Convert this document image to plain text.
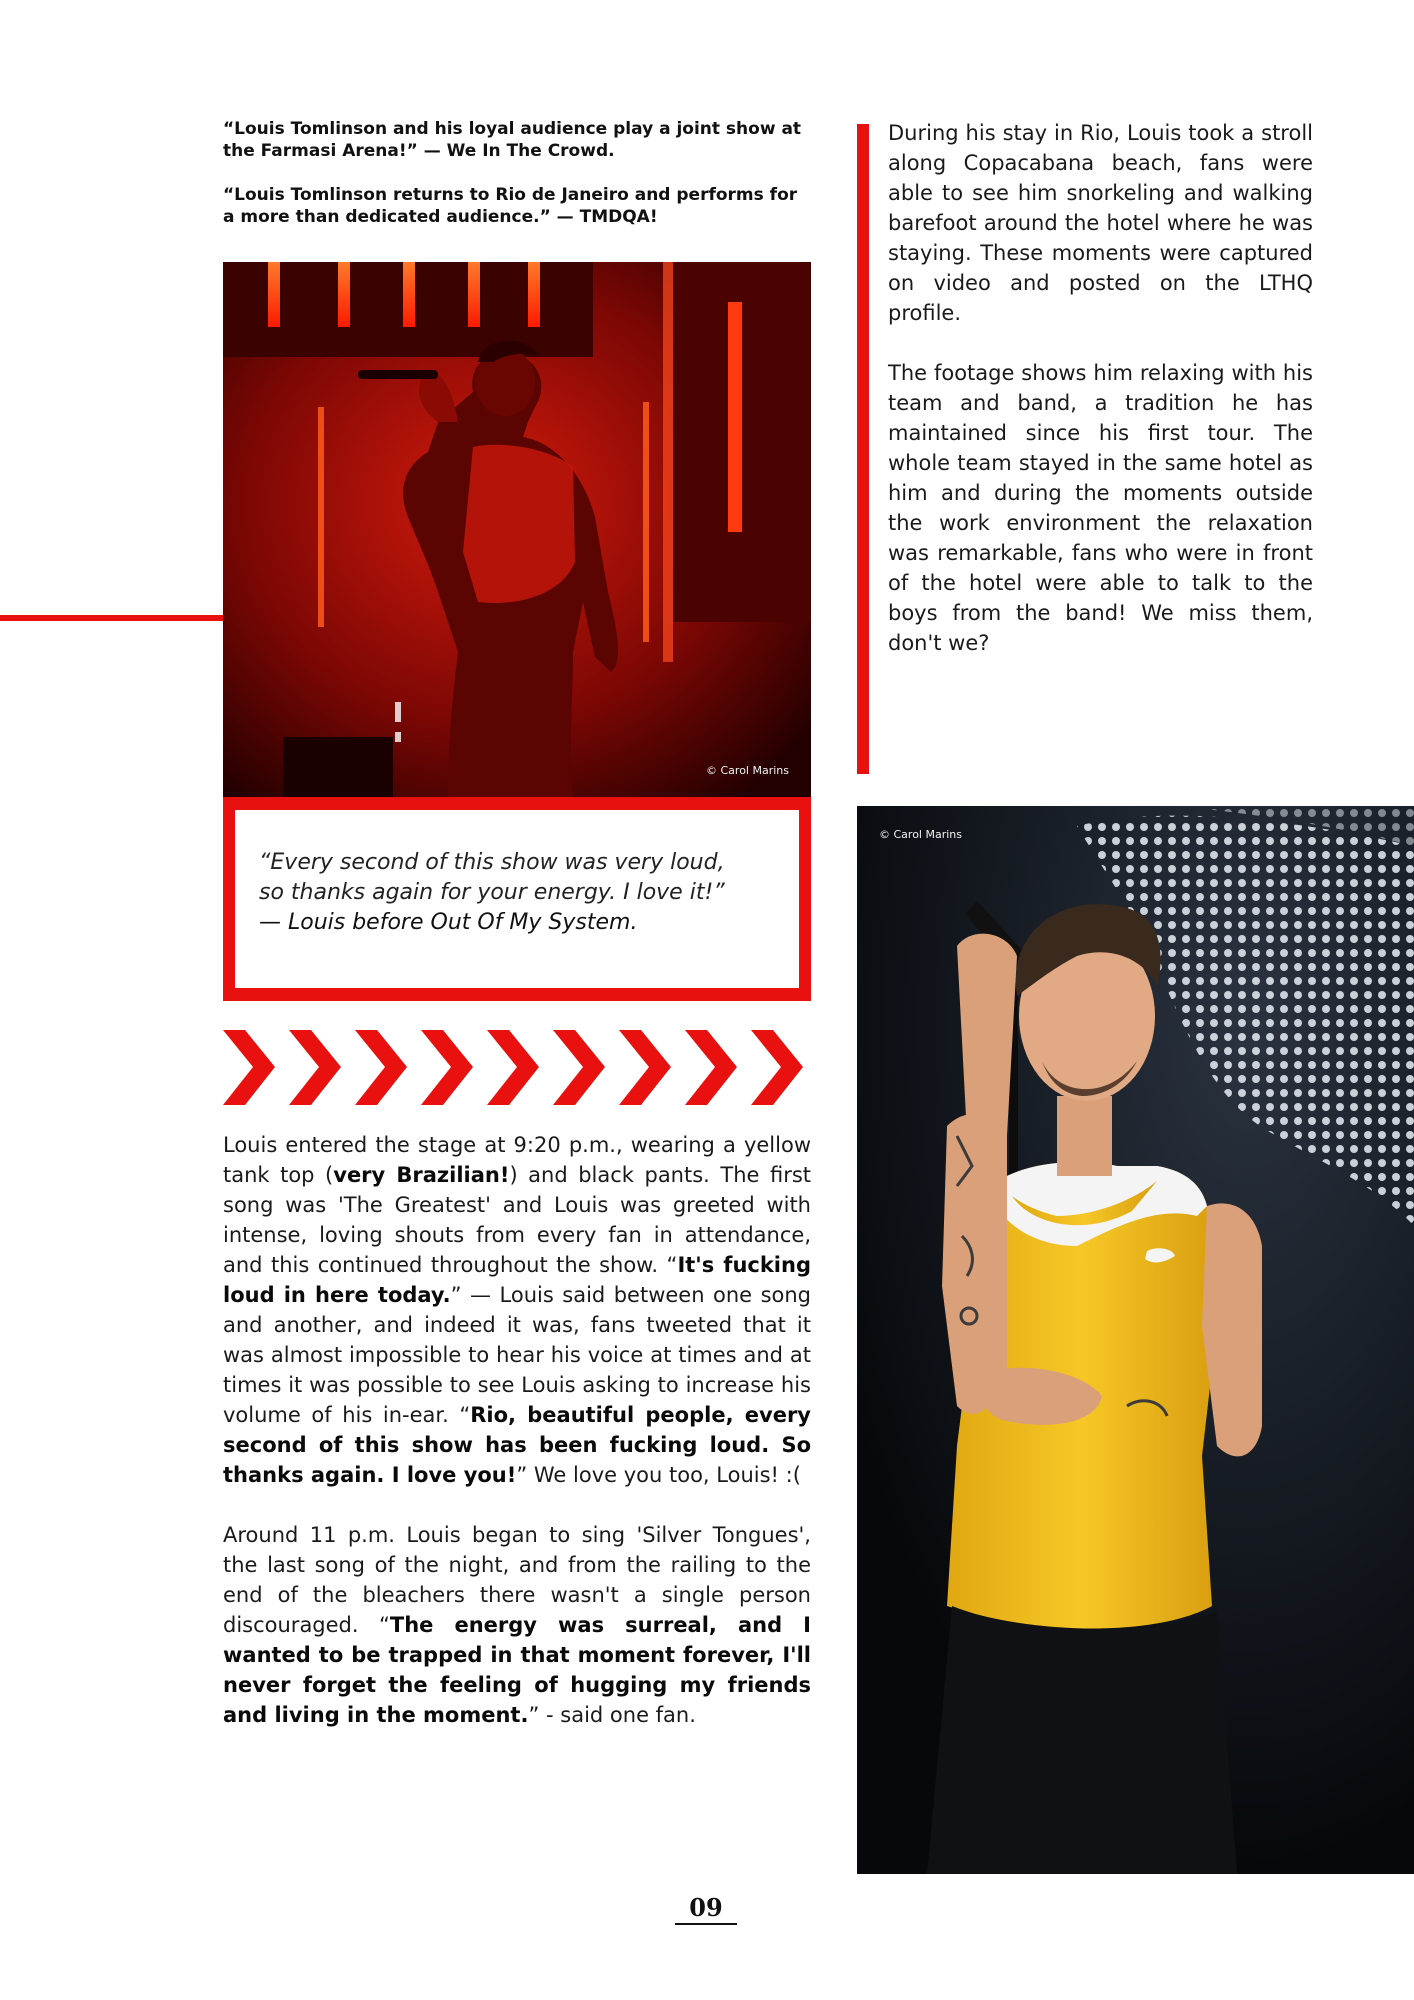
“Louis Tomlinson and his loyal audience play a joint show at the Farmasi Arena!” — We In The Crowd.

“Louis Tomlinson returns to Rio de Janeiro and performs for a more than dedicated audience.” — TMDQA!

© Carol Marins
“Every second of this show was very loud,
so thanks again for your energy. I love it!”
— Louis before Out Of My System.

Louis entered the stage at 9:20 p.m., wearing a yellow tank top (very Brazilian!) and black pants. The first song was 'The Greatest' and Louis was greeted with intense, loving shouts from every fan in attendance, and this continued throughout the show. “It's fucking loud in here today.” — Louis said between one song and another, and indeed it was, fans tweeted that it was almost impossible to hear his voice at times and at times it was possible to see Louis asking to increase his volume of his in-ear. “Rio, beautiful people, every second of this show has been fucking loud. So thanks again. I love you!” We love you too, Louis! :(

Around 11 p.m. Louis began to sing 'Silver Tongues', the last song of the night, and from the railing to the end of the bleachers there wasn't a single person discouraged. “The energy was surreal, and I wanted to be trapped in that moment forever, I'll never forget the feeling of hugging my friends and living in the moment.” - said one fan.

During his stay in Rio, Louis took a stroll along Copacabana beach, fans were able to see him snorkeling and walking barefoot around the hotel where he was staying. These moments were captured on video and posted on the LTHQ profile.

The footage shows him relaxing with his team and band, a tradition he has maintained since his first tour. The whole team stayed in the same hotel as him and during the moments outside the work environment the relaxation was remarkable, fans who were in front of the hotel were able to talk to the boys from the band! We miss them, don't we?

© Carol Marins
09
